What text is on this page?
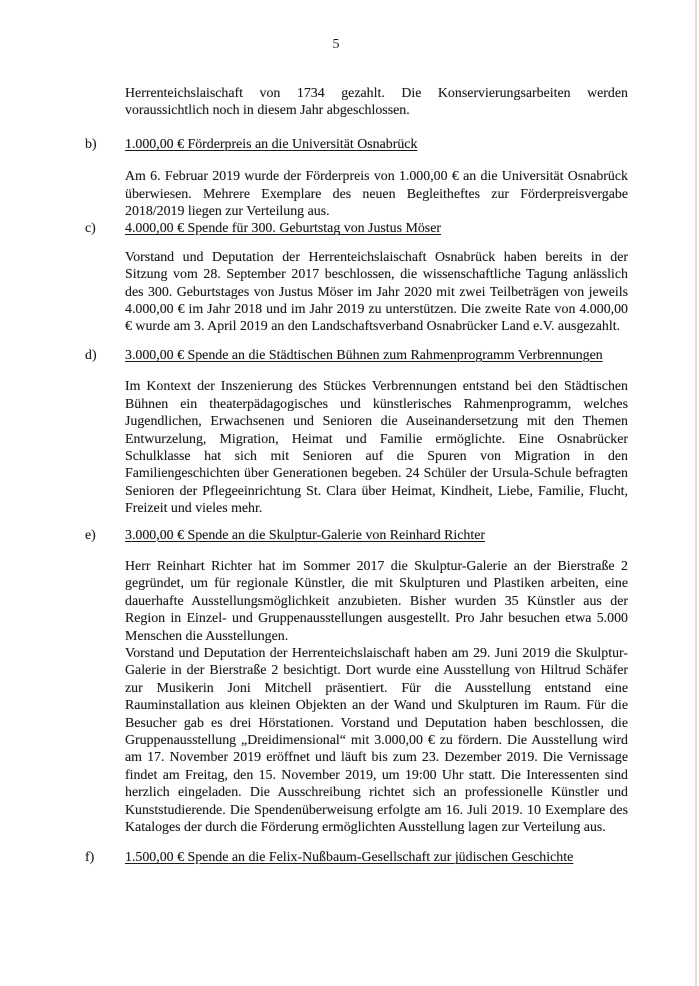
5

Herrenteichslaischaft von 1734 gezahlt. Die Konservierungsarbeiten werden voraussichtlich noch in diesem Jahr abgeschlossen.

b)	1.000,00 € Förderpreis an die Universität Osnabrück

Am 6. Februar 2019 wurde der Förderpreis von 1.000,00 € an die Universität Osnabrück überwiesen. Mehrere Exemplare des neuen Begleitheftes zur Förderpreisvergabe 2018/2019 liegen zur Verteilung aus.

c)	4.000,00 € Spende für 300. Geburtstag von Justus Möser

Vorstand und Deputation der Herrenteichslaischaft Osnabrück haben bereits in der Sitzung vom 28. September 2017 beschlossen, die wissenschaftliche Tagung anlässlich des 300. Geburtstages von Justus Möser im Jahr 2020 mit zwei Teilbeträgen von jeweils 4.000,00 € im Jahr 2018 und im Jahr 2019 zu unterstützen. Die zweite Rate von 4.000,00 € wurde am 3. April 2019 an den Landschaftsverband Osnabrücker Land e.V. ausgezahlt.

d)	3.000,00 € Spende an die Städtischen Bühnen zum Rahmenprogramm Verbrennungen

Im Kontext der Inszenierung des Stückes Verbrennungen entstand bei den Städtischen Bühnen ein theaterpädagogisches und künstlerisches Rahmenprogramm, welches Jugendlichen, Erwachsenen und Senioren die Auseinandersetzung mit den Themen Entwurzelung, Migration, Heimat und Familie ermöglichte. Eine Osnabrücker Schulklasse hat sich mit Senioren auf die Spuren von Migration in den Familiengeschichten über Generationen begeben. 24 Schüler der Ursula-Schule befragten Senioren der Pflegeeinrichtung St. Clara über Heimat, Kindheit, Liebe, Familie, Flucht, Freizeit und vieles mehr.

e)	3.000,00 € Spende an die Skulptur-Galerie von Reinhard Richter

Herr Reinhart Richter hat im Sommer 2017 die Skulptur-Galerie an der Bierstraße 2 gegründet, um für regionale Künstler, die mit Skulpturen und Plastiken arbeiten, eine dauerhafte Ausstellungsmöglichkeit anzubieten. Bisher wurden 35 Künstler aus der Region in Einzel- und Gruppenausstellungen ausgestellt. Pro Jahr besuchen etwa 5.000 Menschen die Ausstellungen.

Vorstand und Deputation der Herrenteichslaischaft haben am 29. Juni 2019 die Skulptur-Galerie in der Bierstraße 2 besichtigt. Dort wurde eine Ausstellung von Hiltrud Schäfer zur Musikerin Joni Mitchell präsentiert. Für die Ausstellung entstand eine Rauminstallation aus kleinen Objekten an der Wand und Skulpturen im Raum. Für die Besucher gab es drei Hörstationen. Vorstand und Deputation haben beschlossen, die Gruppenausstellung „Dreidimensional“ mit 3.000,00 € zu fördern. Die Ausstellung wird am 17. November 2019 eröffnet und läuft bis zum 23. Dezember 2019. Die Vernissage findet am Freitag, den 15. November 2019, um 19:00 Uhr statt. Die Interessenten sind herzlich eingeladen. Die Ausschreibung richtet sich an professionelle Künstler und Kunststudierende. Die Spendenüberweisung erfolgte am 16. Juli 2019. 10 Exemplare des Kataloges der durch die Förderung ermöglichten Ausstellung lagen zur Verteilung aus.

f)	1.500,00 € Spende an die Felix-Nußbaum-Gesellschaft zur jüdischen Geschichte
